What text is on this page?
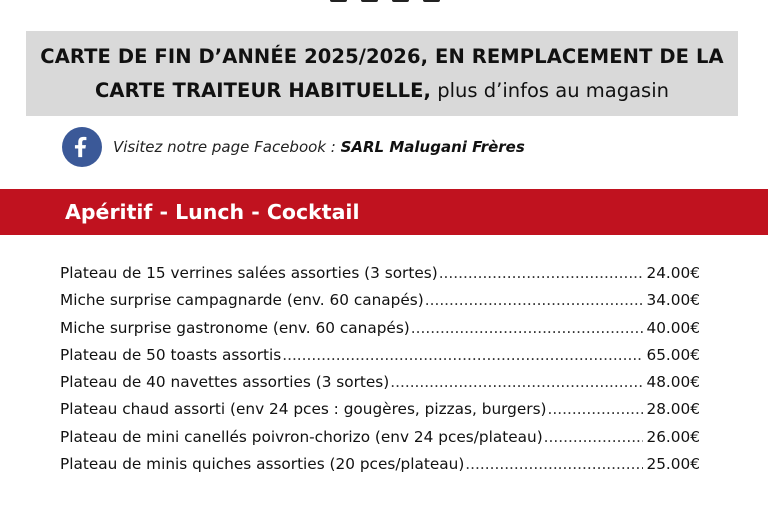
CARTE DE FIN D’ANNÉE 2025/2026, EN REMPLACEMENT DE LA
CARTE TRAITEUR HABITUELLE, plus d’infos au magasin
Visitez notre page Facebook : SARL Malugani Frères
Apéritif - Lunch - Cocktail
Plateau de 15 verrines salées assorties (3 sortes) .....	24.00€
Miche surprise campagnarde (env. 60 canapés) .....	34.00€
Miche surprise gastronome (env. 60 canapés) .....	40.00€
Plateau de 50 toasts assortis .....	65.00€
Plateau de 40 navettes assorties (3 sortes) .....	48.00€
Plateau chaud assorti (env 24 pces : gougères, pizzas, burgers) .....	28.00€
Plateau de mini canellés poivron-chorizo (env 24 pces/plateau) .....	26.00€
Plateau de minis quiches assorties (20 pces/plateau) .....	25.00€
